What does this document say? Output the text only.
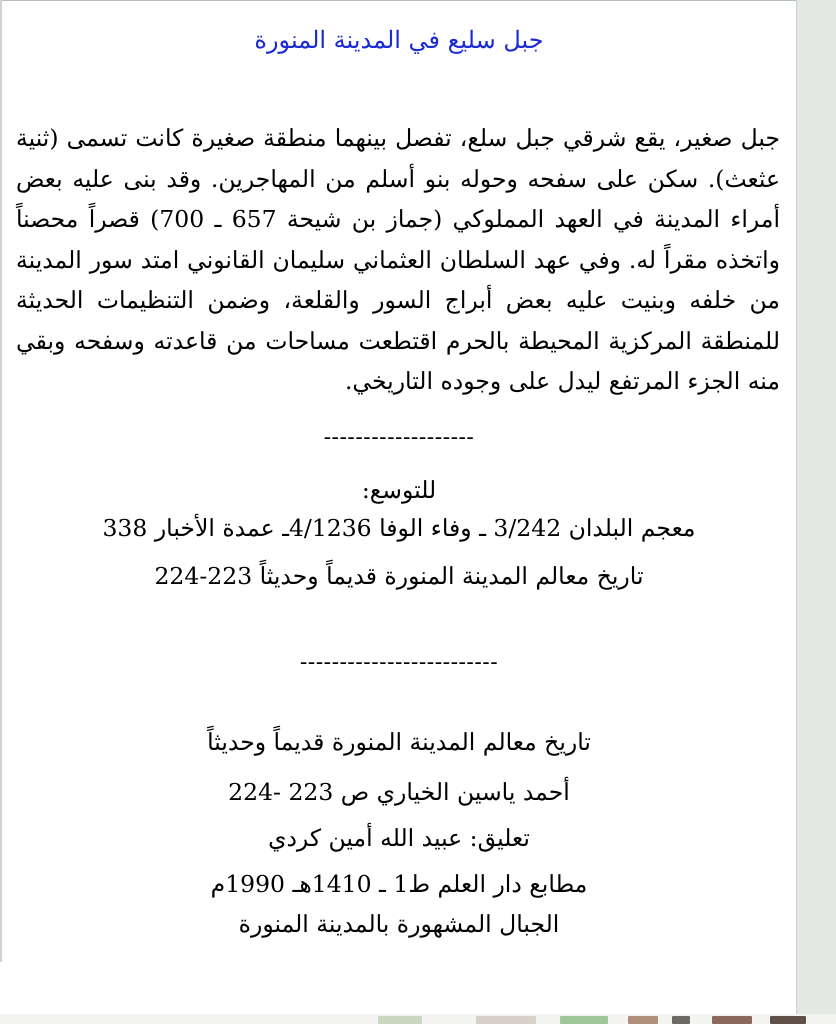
جبل سليع في المدينة المنورة

جبل صغير، يقع شرقي جبل سلع، تفصل بينهما منطقة صغيرة كانت تسمى (ثنية عثعث). سكن على سفحه وحوله بنو أسلم من المهاجرين. وقد بنى عليه بعض أمراء المدينة في العهد المملوكي (جماز بن شيحة 657 ـ 700) قصراً محصناً واتخذه مقراً له. وفي عهد السلطان العثماني سليمان القانوني امتد سور المدينة من خلفه وبنيت عليه بعض أبراج السور والقلعة، وضمن التنظيمات الحديثة للمنطقة المركزية المحيطة بالحرم اقتطعت مساحات من قاعدته وسفحه وبقي منه الجزء المرتفع ليدل على وجوده التاريخي.

-------------------

للتوسع:

معجم البلدان 3/242 ـ وفاء الوفا 4/1236ـ عمدة الأخبار 338

تاريخ معالم المدينة المنورة قديماً وحديثاً 223-224

-------------------------

تاريخ معالم المدينة المنورة قديماً وحديثاً

أحمد ياسين الخياري ص 223 -224

تعليق: عبيد الله أمين كردي

مطابع دار العلم ط1 ـ 1410هـ 1990م

الجبال المشهورة بالمدينة المنورة
